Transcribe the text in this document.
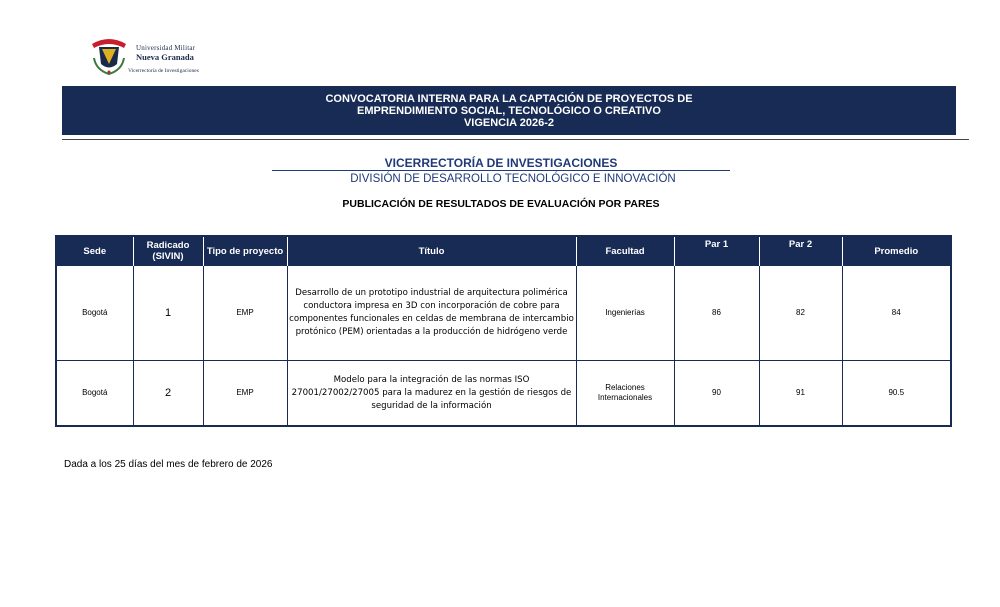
Universidad Militar
Nueva Granada
Vicerrectoría de Investigaciones
CONVOCATORIA INTERNA PARA LA CAPTACIÓN DE PROYECTOS DE
EMPRENDIMIENTO SOCIAL, TECNOLÓGICO O CREATIVO
VIGENCIA 2026-2
VICERRECTORÍA DE INVESTIGACIONES
DIVISIÓN DE DESARROLLO TECNOLÓGICO E INNOVACIÓN
PUBLICACIÓN DE RESULTADOS DE EVALUACIÓN POR PARES
Sede	Radicado (SIVIN)	Tipo de proyecto	Título	Facultad	Par 1	Par 2	Promedio
Bogotá	1	EMP	Desarrollo de un prototipo industrial de arquitectura polimérica conductora impresa en 3D con incorporación de cobre para componentes funcionales en celdas de membrana de intercambio protónico (PEM) orientadas a la producción de hidrógeno verde	Ingenierías	86	82	84
Bogotá	2	EMP	Modelo para la integración de las normas ISO 27001/27002/27005 para la madurez en la gestión de riesgos de seguridad de la información	Relaciones Internacionales	90	91	90.5
Dada a los 25 días del mes de febrero de 2026
